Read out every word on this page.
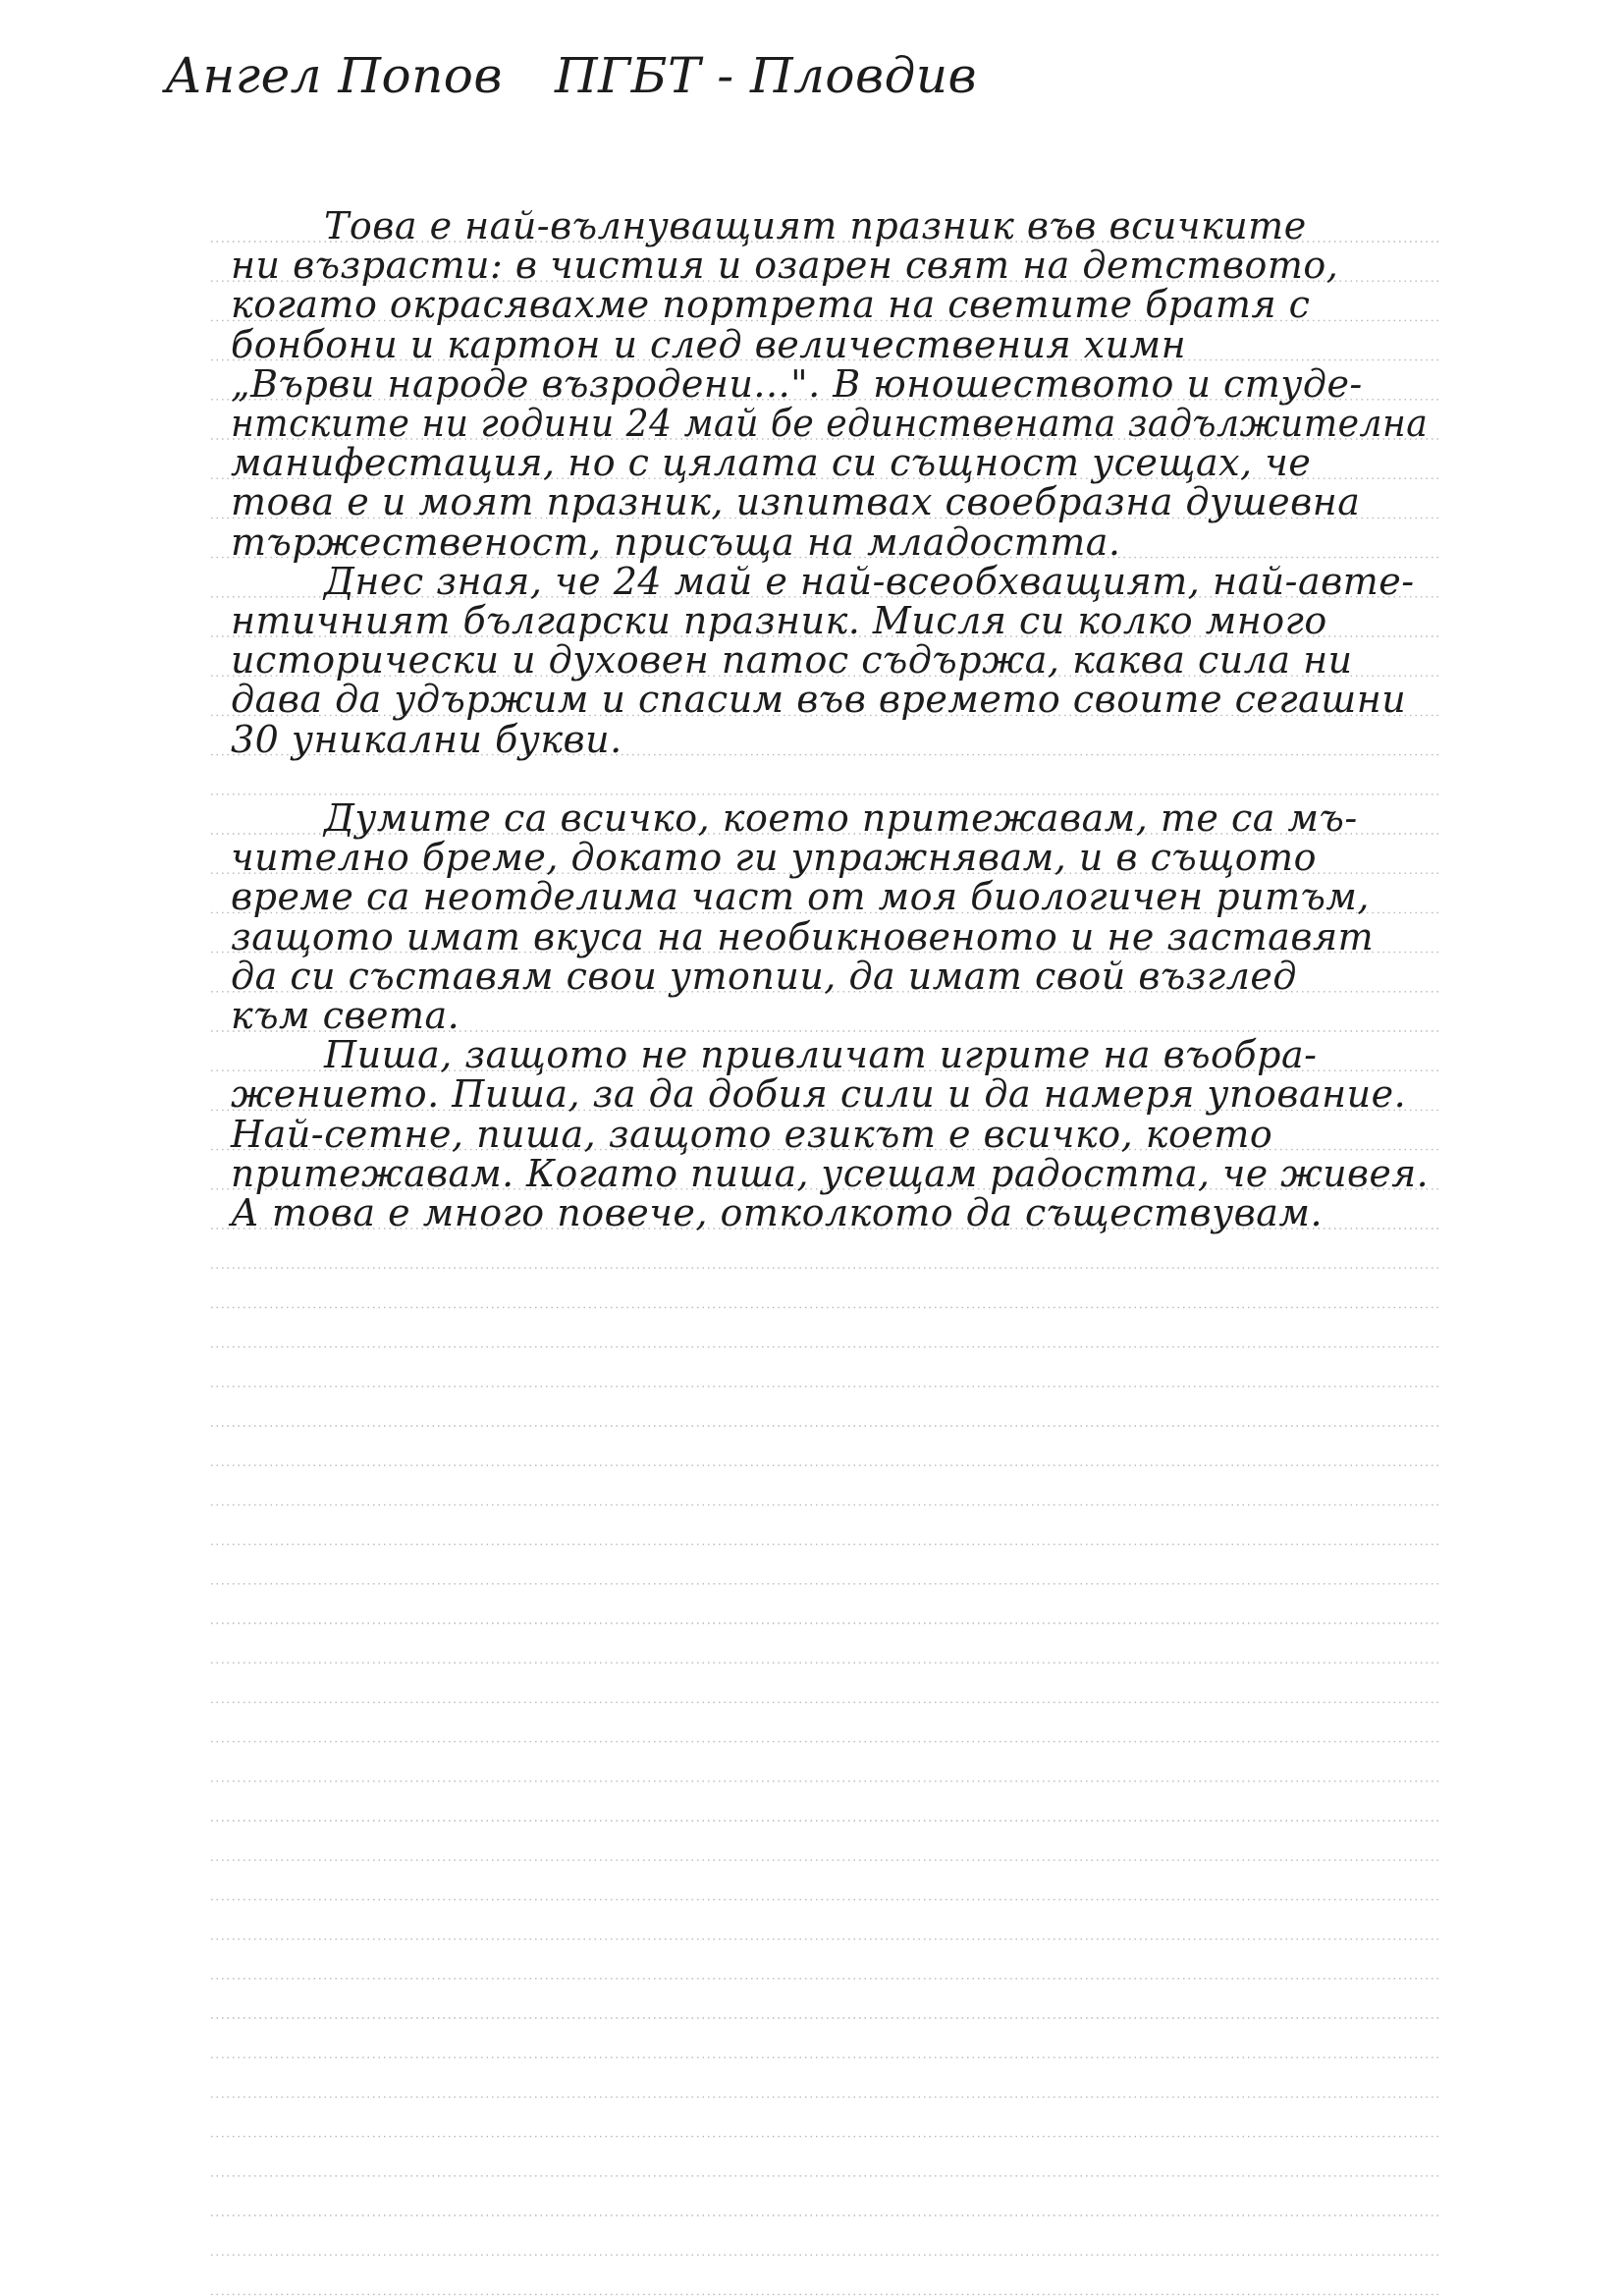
Ангел Попов ПГБТ - Пловдив
Това е най-вълнуващият празник във всичките
ни възрасти: в чистия и озарен свят на детството,
когато окрасявахме портрета на светите братя с
бонбони и картон и след величествения химн
„Върви народе възродени...". В юношеството и студе-
нтските ни години 24 май бе единствената задължителна
манифестация, но с цялата си същност усещах, че
това е и моят празник, изпитвах своебразна душевна
тържественост, присъща на младостта.
Днес зная, че 24 май е най-всеобхващият, най-авте-
нтичният български празник. Мисля си колко много
исторически и духовен патос съдържа, каква сила ни
дава да удържим и спасим във времето своите сегашни
30 уникални букви.
Думите са всичко, което притежавам, те са мъ-
чително бреме, докато ги упражнявам, и в същото
време са неотделима част от моя биологичен ритъм,
защото имат вкуса на необикновеното и не заставят
да си съставям свои утопии, да имат свой възглед
към света.
Пиша, защото не привличат игрите на въобра-
жението. Пиша, за да добия сили и да намеря упование.
Най-сетне, пиша, защото езикът е всичко, което
притежавам. Когато пиша, усещам радостта, че живея.
А това е много повече, отколкото да съществувам.
